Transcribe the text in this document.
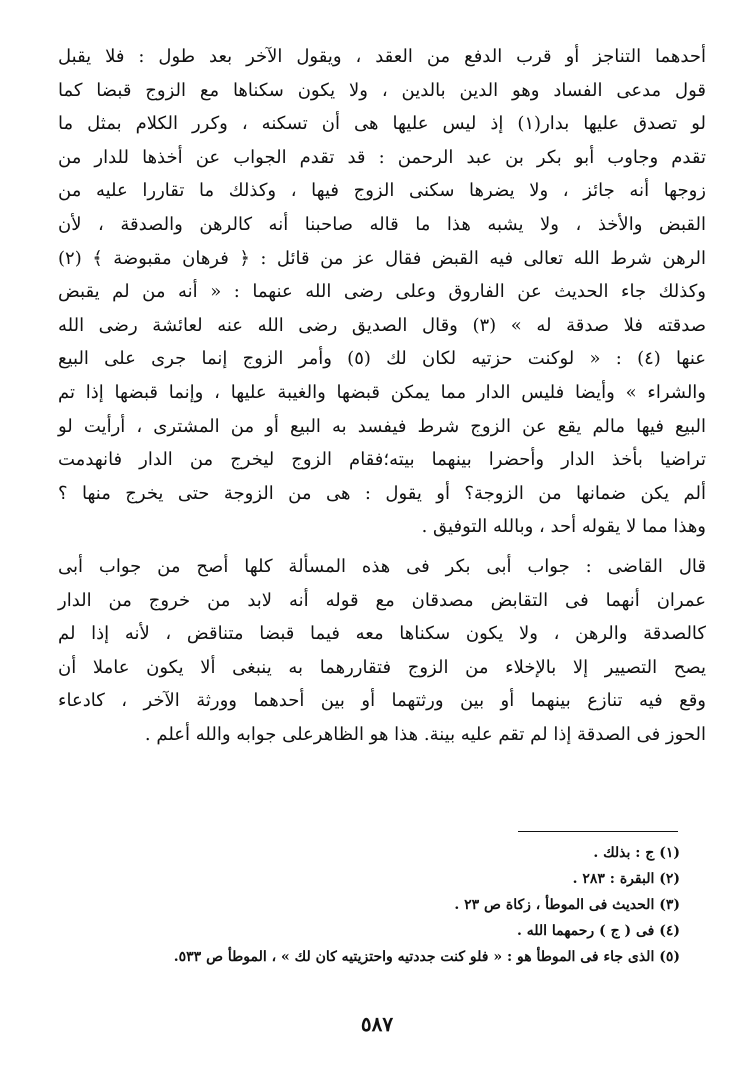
أحدهما التناجز أو قرب الدفع من العقد ، ويقول الآخر بعد طول : فلا يقبل
قول مدعى الفساد وهو الدين بالدين ، ولا يكون سكناها مع الزوج قبضا كما
لو تصدق عليها بدار(١) إذ ليس عليها هى أن تسكنه ، وكرر الكلام بمثل ما
تقدم وجاوب أبو بكر بن عبد الرحمن : قد تقدم الجواب عن أخذها للدار من
زوجها أنه جائز ، ولا يضرها سكنى الزوج فيها ، وكذلك ما تقاررا عليه من
القبض والأخذ ، ولا يشبه هذا ما قاله صاحبنا أنه كالرهن والصدقة ، لأن
الرهن شرط الله تعالى فيه القبض فقال عز من قائل : ﴿ فرهان مقبوضة ﴾ (٢)
وكذلك جاء الحديث عن الفاروق وعلى رضى الله عنهما : « أنه من لم يقبض
صدقته فلا صدقة له » (٣) وقال الصديق رضى الله عنه لعائشة رضى الله
عنها (٤) : « لوكنت حزتيه لكان لك (٥) وأمر الزوج إنما جرى على البيع
والشراء » وأيضا فليس الدار مما يمكن قبضها والغيبة عليها ، وإنما قبضها إذا تم
البيع فيها مالم يقع عن الزوج شرط فيفسد به البيع أو من المشترى ، أرأيت لو
تراضيا بأخذ الدار وأحضرا بينهما بيته؛فقام الزوج ليخرج من الدار فانهدمت
ألم يكن ضمانها من الزوجة؟ أو يقول : هى من الزوجة حتى يخرج منها ؟
وهذا مما لا يقوله أحد ، وبالله التوفيق .
قال القاضى : جواب أبى بكر فى هذه المسألة كلها أصح من جواب أبى
عمران أنهما فى التقابض مصدقان مع قوله أنه لابد من خروج من الدار
كالصدقة والرهن ، ولا يكون سكناها معه فيما قبضا متناقض ، لأنه إذا لم
يصح التصيير إلا بالإخلاء من الزوج فتقاررهما به ينبغى ألا يكون عاملا أن
وقع فيه تنازع بينهما أو بين ورثتهما أو بين أحدهما وورثة الآخر ، كادعاء
الحوز فى الصدقة إذا لم تقم عليه بينة. هذا هو الظاهرعلى جوابه والله أعلم .
(١) ج : بذلك .
(٢) البقرة : ٢٨٣ .
(٣) الحديث فى الموطأ ، زكاة ص ٢٣ .
(٤) فى ( ج ) رحمهما الله .
(٥) الذى جاء فى الموطأ هو : « فلو كنت جددتيه واحتزيتيه كان لك » ، الموطأ ص ٥٣٣.
٥٨٧
